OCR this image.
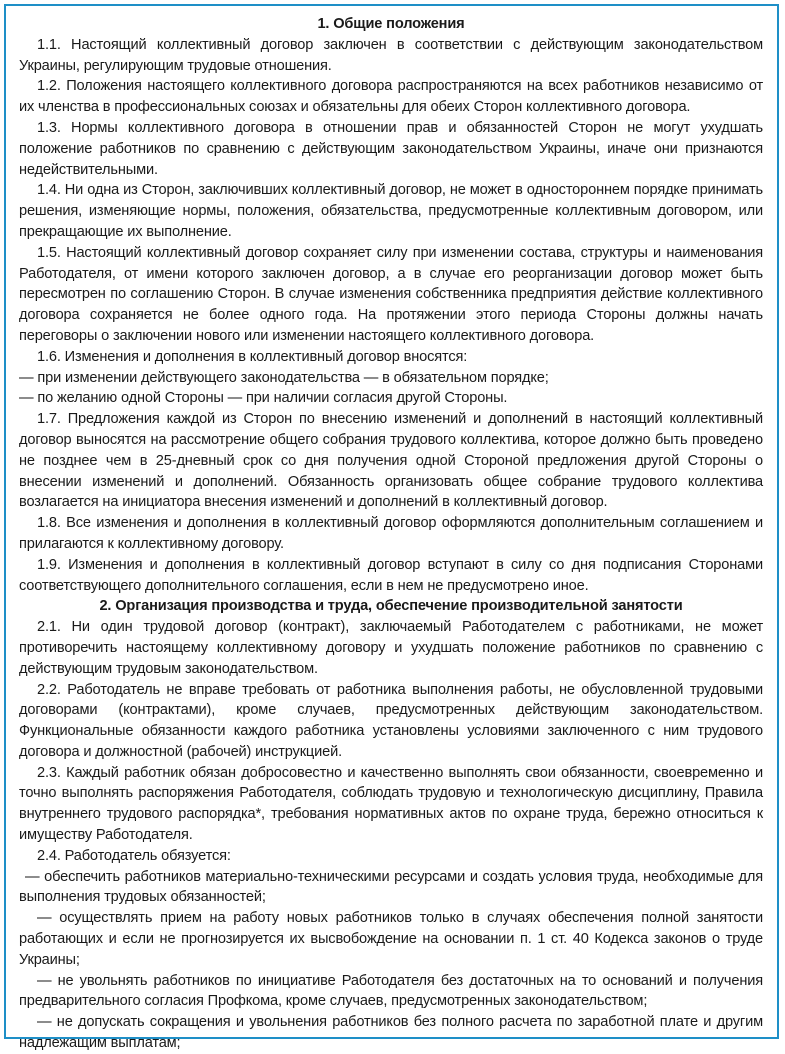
1. Общие положения

1.1. Настоящий коллективный договор заключен в соответствии с действующим законодательством Украины, регулирующим трудовые отношения.

1.2. Положения настоящего коллективного договора распространяются на всех работников независимо от их членства в профессиональных союзах и обязательны для обеих Сторон коллективного договора.

1.3. Нормы коллективного договора в отношении прав и обязанностей Сторон не могут ухудшать положение работников по сравнению с действующим законодательством Украины, иначе они признаются недействительными.

1.4. Ни одна из Сторон, заключивших коллективный договор, не может в одностороннем порядке принимать решения, изменяющие нормы, положения, обязательства, предусмотренные коллективным договором, или прекращающие их выполнение.

1.5. Настоящий коллективный договор сохраняет силу при изменении состава, структуры и наименования Работодателя, от имени которого заключен договор, а в случае его реорганизации договор может быть пересмотрен по соглашению Сторон. В случае изменения собственника предприятия действие коллективного договора сохраняется не более одного года. На протяжении этого периода Стороны должны начать переговоры о заключении нового или изменении настоящего коллективного договора.

1.6. Изменения и дополнения в коллективный договор вносятся:

— при изменении действующего законодательства — в обязательном порядке;

— по желанию одной Стороны — при наличии согласия другой Стороны.

1.7. Предложения каждой из Сторон по внесению изменений и дополнений в настоящий коллективный договор выносятся на рассмотрение общего собрания трудового коллектива, которое должно быть проведено не позднее чем в 25-дневный срок со дня получения одной Стороной предложения другой Стороны о внесении изменений и дополнений. Обязанность организовать общее собрание трудового коллектива возлагается на инициатора внесения изменений и дополнений в коллективный договор.

1.8. Все изменения и дополнения в коллективный договор оформляются дополнительным соглашением и прилагаются к коллективному договору.

1.9. Изменения и дополнения в коллективный договор вступают в силу со дня подписания Сторонами соответствующего дополнительного соглашения, если в нем не предусмотрено иное.

2. Организация производства и труда, обеспечение производительной занятости

2.1. Ни один трудовой договор (контракт), заключаемый Работодателем с работниками, не может противоречить настоящему коллективному договору и ухудшать положение работников по сравнению с действующим трудовым законодательством.

2.2. Работодатель не вправе требовать от работника выполнения работы, не обусловленной трудовыми договорами (контрактами), кроме случаев, предусмотренных действующим законодательством. Функциональные обязанности каждого работника установлены условиями заключенного с ним трудового договора и должностной (рабочей) инструкцией.

2.3. Каждый работник обязан добросовестно и качественно выполнять свои обязанности, своевременно и точно выполнять распоряжения Работодателя, соблюдать трудовую и технологическую дисциплину, Правила внутреннего трудового распорядка*, требования нормативных актов по охране труда, бережно относиться к имуществу Работодателя.

2.4. Работодатель обязуется:

— обеспечить работников материально-техническими ресурсами и создать условия труда, необходимые для выполнения трудовых обязанностей;

— осуществлять прием на работу новых работников только в случаях обеспечения полной занятости работающих и если не прогнозируется их высвобождение на основании п. 1 ст. 40 Кодекса законов о труде Украины;

— не увольнять работников по инициативе Работодателя без достаточных на то оснований и получения предварительного согласия Профкома, кроме случаев, предусмотренных законодательством;

— не допускать сокращения и увольнения работников без полного расчета по заработной плате и другим надлежащим выплатам;
